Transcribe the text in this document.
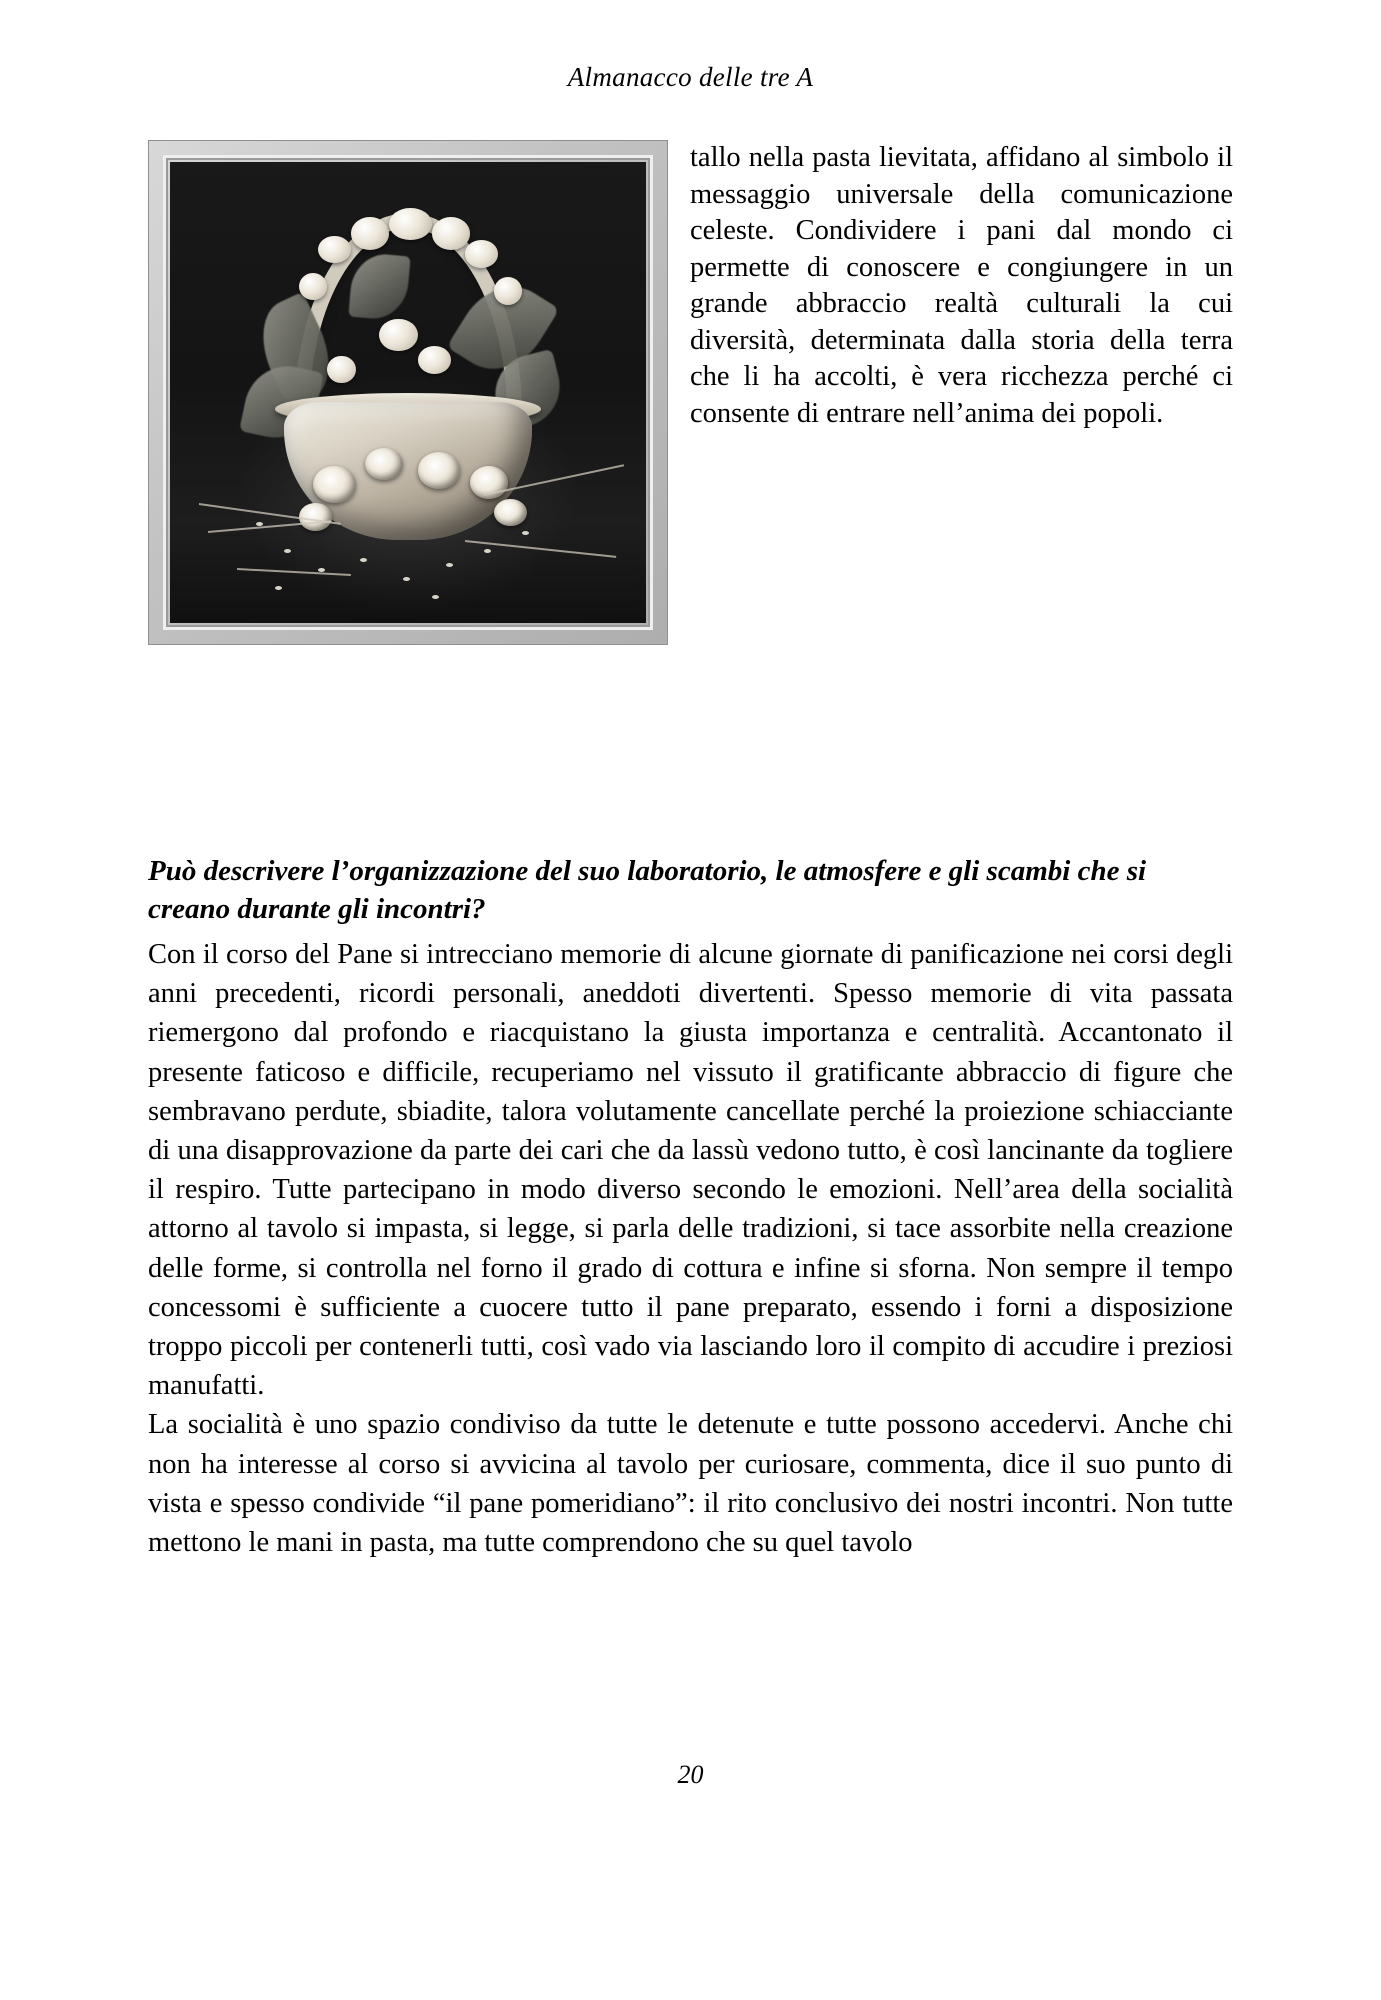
Almanacco delle tre A

tallo nella pasta lievitata, affidano al simbolo il messaggio universale della comunicazione celeste. Condividere i pani dal mondo ci permette di conoscere e congiungere in un grande abbraccio realtà culturali la cui diversità, determinata dalla storia della terra che li ha accolti, è vera ricchezza perché ci consente di entrare nell’anima dei popoli.

Può descrivere l’organizzazione del suo laboratorio, le atmosfere e gli scambi che si creano durante gli incontri?

Con il corso del Pane si intrecciano memorie di alcune giornate di panificazione nei corsi degli anni precedenti, ricordi personali, aneddoti divertenti. Spesso memorie di vita passata riemergono dal profondo e riacquistano la giusta importanza e centralità. Accantonato il presente faticoso e difficile, recuperiamo nel vissuto il gratificante abbraccio di figure che sembravano perdute, sbiadite, talora volutamente cancellate perché la proiezione schiacciante di una disapprovazione da parte dei cari che da lassù vedono tutto, è così lancinante da togliere il respiro. Tutte partecipano in modo diverso secondo le emozioni. Nell’area della socialità attorno al tavolo si impasta, si legge, si parla delle tradizioni, si tace assorbite nella creazione delle forme, si controlla nel forno il grado di cottura e infine si sforna. Non sempre il tempo concessomi è sufficiente a cuocere tutto il pane preparato, essendo i forni a disposizione troppo piccoli per contenerli tutti, così vado via lasciando loro il compito di accudire i preziosi manufatti.

La socialità è uno spazio condiviso da tutte le detenute e tutte possono accedervi. Anche chi non ha interesse al corso si avvicina al tavolo per curiosare, commenta, dice il suo punto di vista e spesso condivide “il pane pomeridiano”: il rito conclusivo dei nostri incontri. Non tutte mettono le mani in pasta, ma tutte comprendono che su quel tavolo

20
